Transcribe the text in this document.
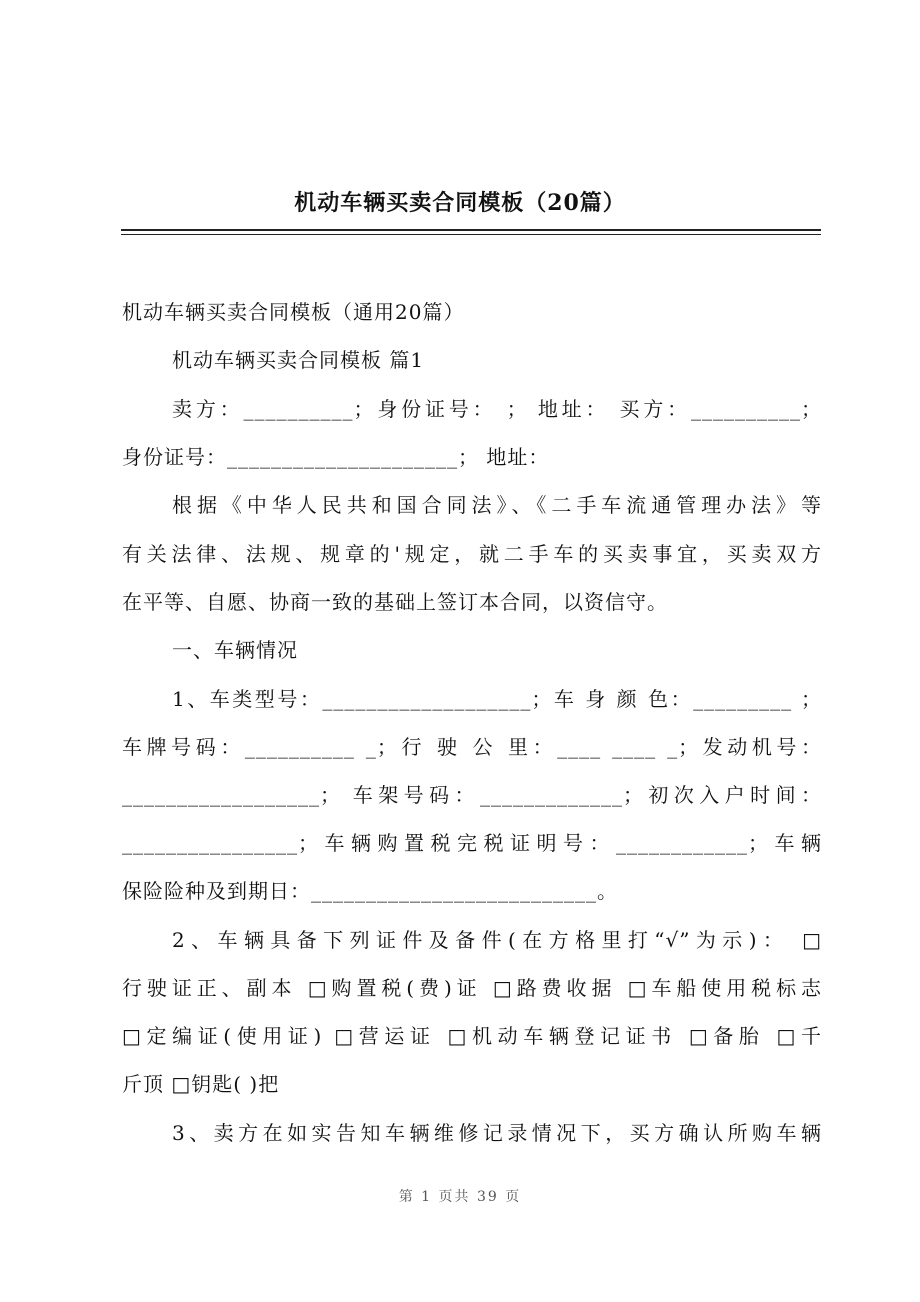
机动车辆买卖合同模板（20篇）
机动车辆买卖合同模板（通用20篇）
机动车辆买卖合同模板 篇1
卖方：__________；身份证号： ； 地址： 买方：__________；
身份证号：_____________________； 地址：
根据《中华人民共和国合同法》、《二手车流通管理办法》等
有关法律、法规、规章的'规定，就二手车的买卖事宜，买卖双方
在平等、自愿、协商一致的基础上签订本合同，以资信守。
一、车辆情况
1、车类型号：___________________；车 身 颜 色：_________ ；
车牌号码：__________ _；行 驶 公 里：____ ____ _；发动机号：
__________________； 车架号码：_____________；初次入户时间：
________________；车辆购置税完税证明号：____________；车辆
保险险种及到期日：__________________________。
2、车辆具备下列证件及备件(在方格里打“√”为示)： □
行驶证正、副本 □购置税(费)证 □路费收据 □车船使用税标志
□定编证(使用证) □营运证 □机动车辆登记证书 □备胎 □千
斤顶 □钥匙( )把
3、卖方在如实告知车辆维修记录情况下，买方确认所购车辆
第 1 页共 39 页
